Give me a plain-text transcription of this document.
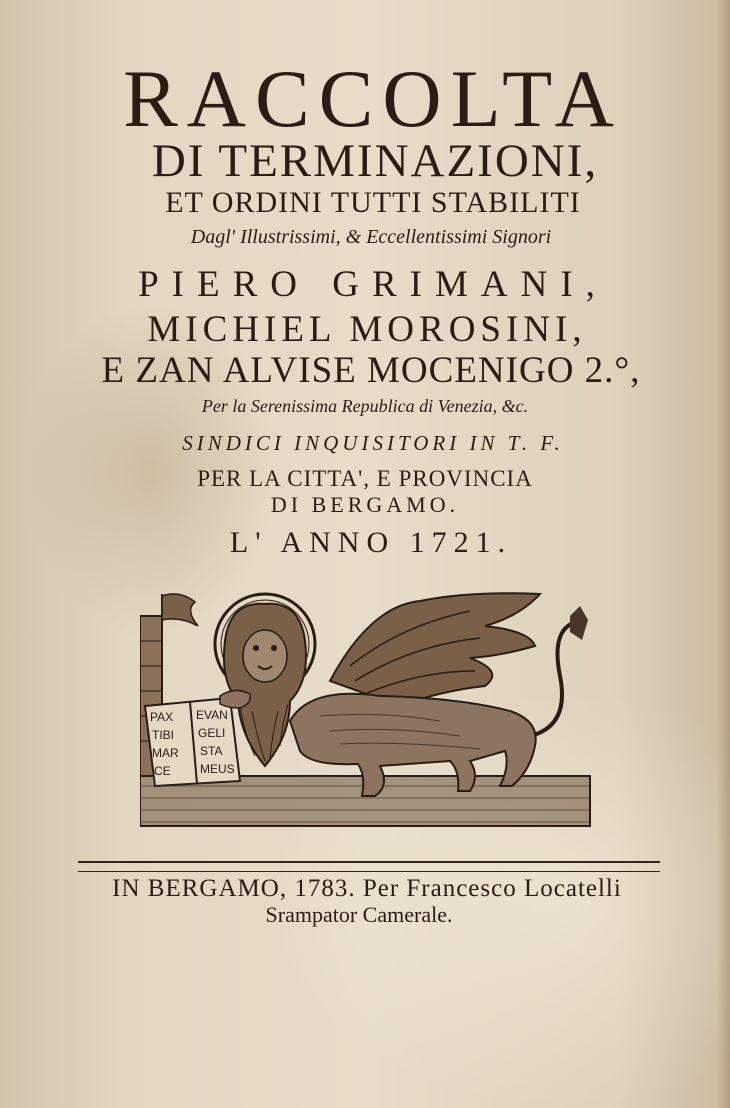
RACCOLTA
DI TERMINAZIONI,
ET ORDINI TUTTI STABILITI
Dagl' Illustrissimi, & Eccellentissimi Signori
PIERO GRIMANI,
MICHIEL MOROSINI,
E ZAN ALVISE MOCENIGO 2.°,
Per la Serenissima Republica di Venezia, &c.
SINDICI INQUISITORI IN T. F.
PER LA CITTA', E PROVINCIA
DI BERGAMO.
L' ANNO 1721.
PAX
TIBI
MAR
CE
EVAN
GELI
STA
MEUS
IN BERGAMO, 1783. Per Francesco Locatelli
Srampator Camerale.
